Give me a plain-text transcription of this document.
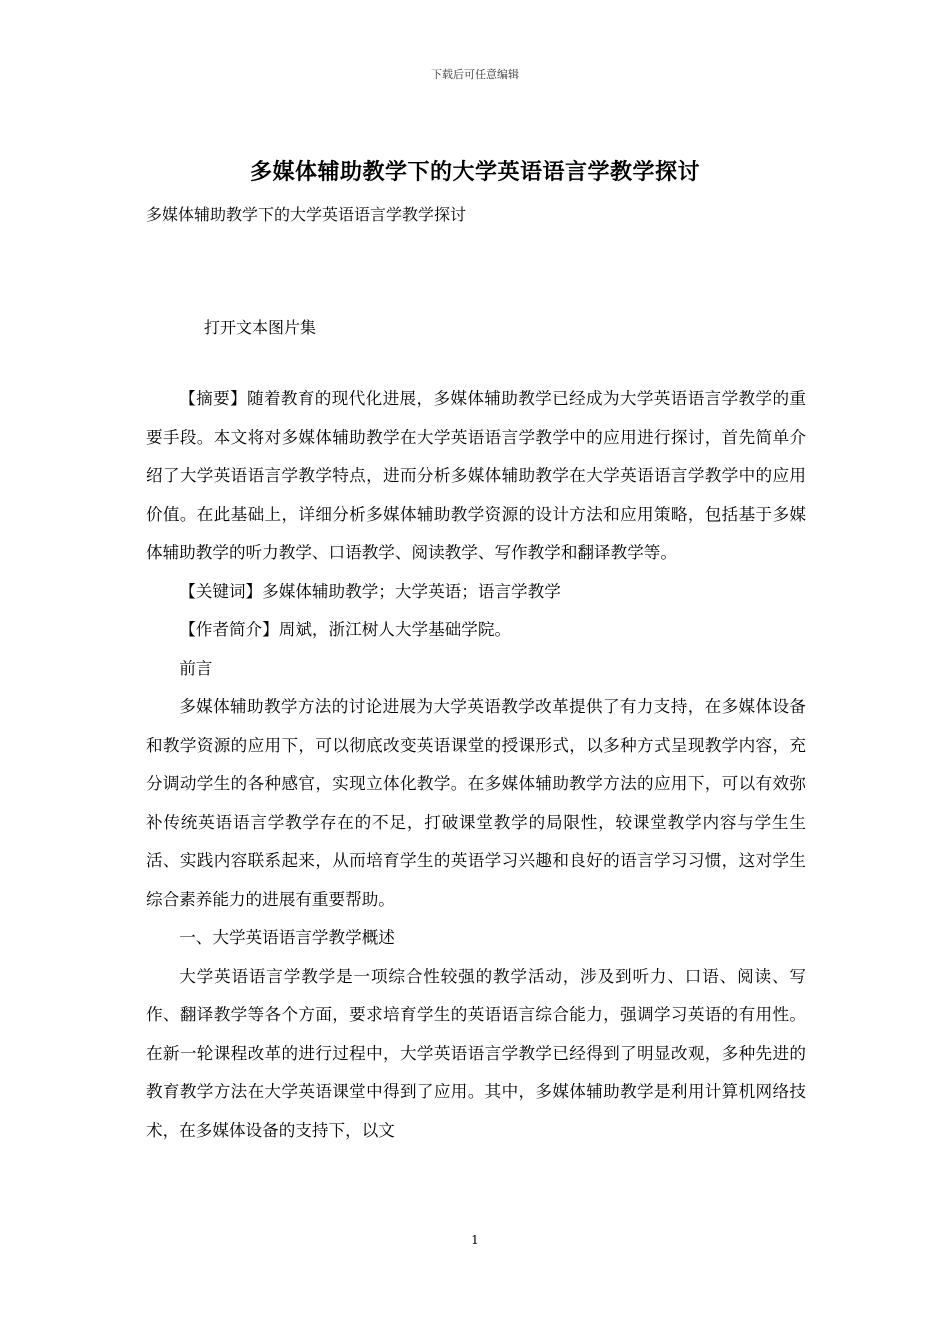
下载后可任意编辑
多媒体辅助教学下的大学英语语言学教学探讨
多媒体辅助教学下的大学英语语言学教学探讨
打开文本图片集

【摘要】随着教育的现代化进展，多媒体辅助教学已经成为大学英语语言学教学的重要手段。本文将对多媒体辅助教学在大学英语语言学教学中的应用进行探讨，首先简单介绍了大学英语语言学教学特点，进而分析多媒体辅助教学在大学英语语言学教学中的应用价值。在此基础上，详细分析多媒体辅助教学资源的设计方法和应用策略，包括基于多媒体辅助教学的听力教学、口语教学、阅读教学、写作教学和翻译教学等。

【关键词】多媒体辅助教学；大学英语；语言学教学

【作者简介】周斌，浙江树人大学基础学院。

前言

多媒体辅助教学方法的讨论进展为大学英语教学改革提供了有力支持，在多媒体设备和教学资源的应用下，可以彻底改变英语课堂的授课形式，以多种方式呈现教学内容，充分调动学生的各种感官，实现立体化教学。在多媒体辅助教学方法的应用下，可以有效弥补传统英语语言学教学存在的不足，打破课堂教学的局限性，较课堂教学内容与学生生活、实践内容联系起来，从而培育学生的英语学习兴趣和良好的语言学习习惯，这对学生综合素养能力的进展有重要帮助。

一、大学英语语言学教学概述

大学英语语言学教学是一项综合性较强的教学活动，涉及到听力、口语、阅读、写作、翻译教学等各个方面，要求培育学生的英语语言综合能力，强调学习英语的有用性。在新一轮课程改革的进行过程中，大学英语语言学教学已经得到了明显改观，多种先进的教育教学方法在大学英语课堂中得到了应用。其中，多媒体辅助教学是利用计算机网络技术，在多媒体设备的支持下，以文

1
